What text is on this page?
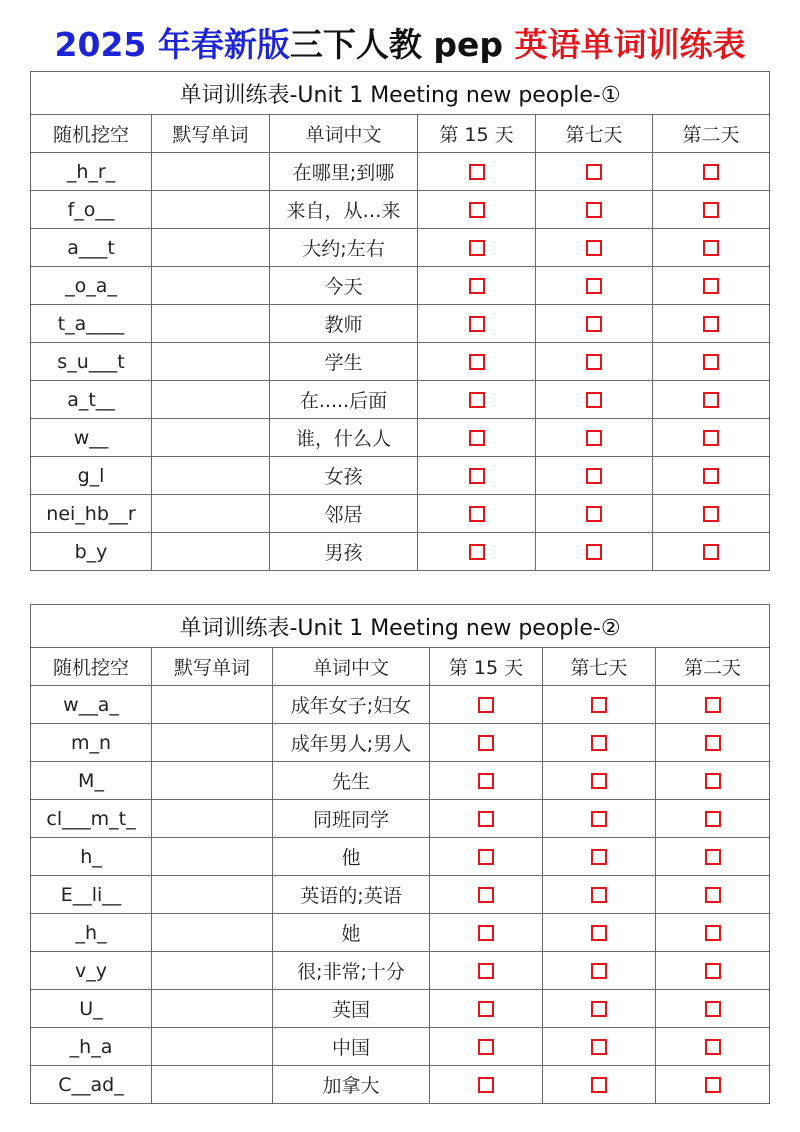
2025 年春新版三下人教 pep 英语单词训练表
单词训练表-Unit 1 Meeting new people-①					
随机挖空	默写单词	单词中文	第 15 天	第七天	第二天
_h_r_		在哪里;到哪			
f_o__		来自，从…来			
a___t		大约;左右			
_o_a_		今天			
t_a____		教师			
s_u___t		学生			
a_t__		在.....后面			
w__		谁，什么人			
g_l		女孩			
nei_hb__r		邻居			
b_y		男孩			
单词训练表-Unit 1 Meeting new people-②					
随机挖空	默写单词	单词中文	第 15 天	第七天	第二天
w__a_		成年女子;妇女			
m_n		成年男人;男人			
M_		先生			
cl___m_t_		同班同学			
h_		他			
E__li__		英语的;英语			
_h_		她			
v_y		很;非常;十分			
U_		英国			
_h_a		中国			
C__ad_		加拿大			
